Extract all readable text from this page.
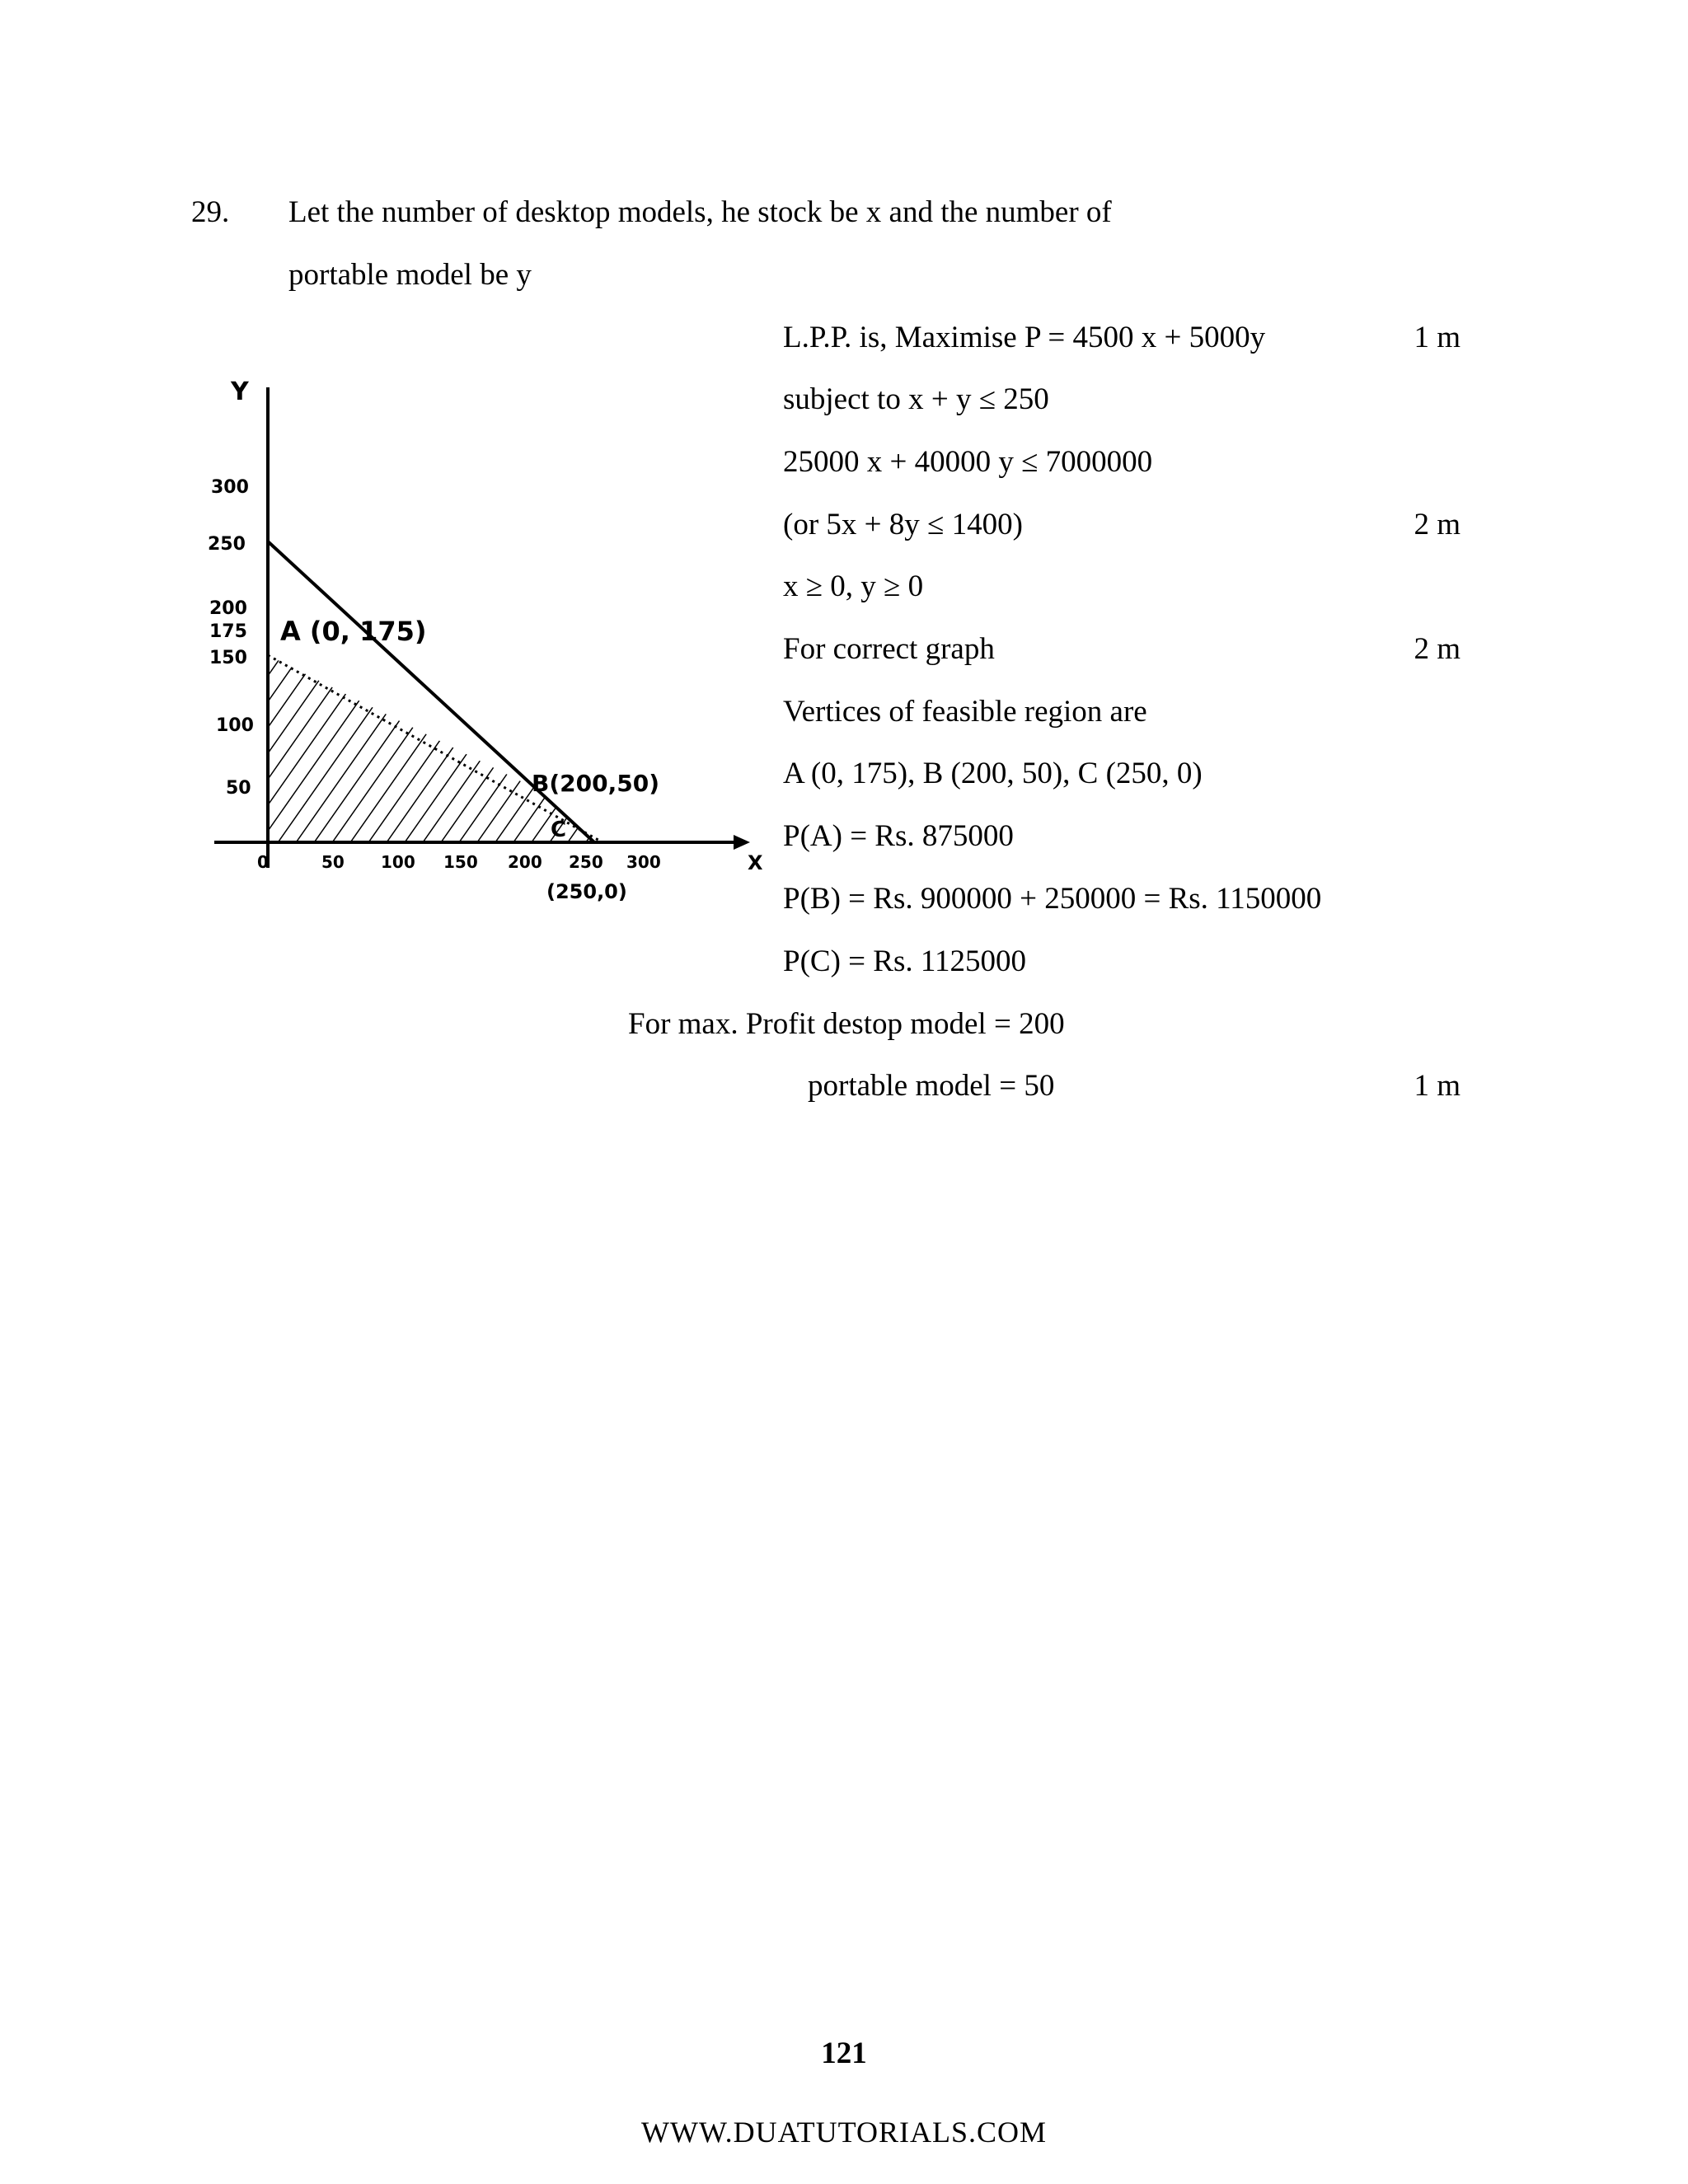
29. Let the number of desktop models, he stock be x and the number of
portable model be y
L.P.P. is, Maximise P = 4500 x + 5000y	1 m
subject to x + y ≤ 250
25000 x + 40000 y ≤ 7000000
(or 5x + 8y ≤ 1400)	2 m
x ≥ 0, y ≥ 0
For correct graph	2 m
Vertices of feasible region are
A (0, 175), B (200, 50), C (250, 0)
P(A) = Rs. 875000
P(B) = Rs. 900000 + 250000 = Rs. 1150000
P(C) = Rs. 1125000
For max. Profit destop model = 200
portable model = 50	1 m
Y
X
0
300
250
200
175
150
100
50
50 100 150 200 250 300
A (0, 175)
B(200,50)
C
(250,0)
121
WWW.DUATUTORIALS.COM
